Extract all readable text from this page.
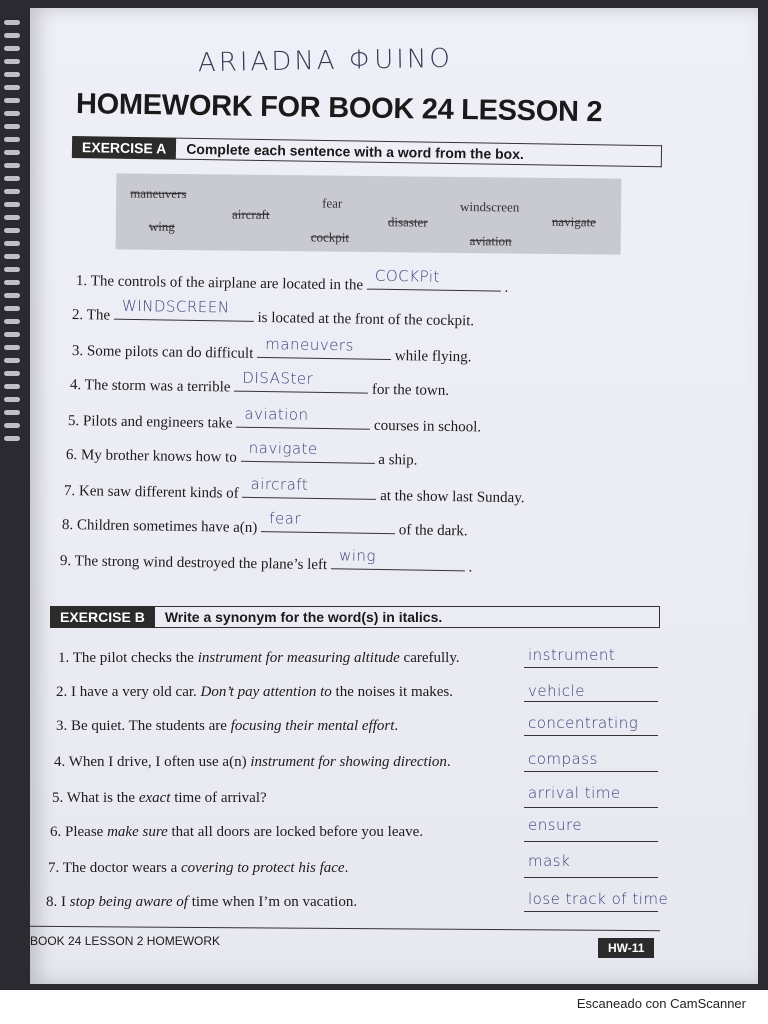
ARIADNA ΦUINO
HOMEWORK FOR BOOK 24 LESSON 2
EXERCISE A	Complete each sentence with a word from the box.
maneuvers
wing
aircraft
fear
cockpit
disaster
windscreen
aviation
navigate
1. The controls of the airplane are located in the COCKPit
.
2. The WINDSCREEN
is located at the front of the cockpit.
3. Some pilots can do difficult maneuvers
while flying.
4. The storm was a terrible DISASter
for the town.
5. Pilots and engineers take aviation
courses in school.
6. My brother knows how to navigate
a ship.
7. Ken saw different kinds of aircraft
at the show last Sunday.
8. Children sometimes have a(n) fear
of the dark.
9. The strong wind destroyed the plane’s left wing
.
EXERCISE B	Write a synonym for the word(s) in italics.
1. The pilot checks the instrument for measuring altitude carefully.	instrument
2. I have a very old car. Don’t pay attention to the noises it makes.	vehicle
3. Be quiet. The students are focusing their mental effort.	concentrating
4. When I drive, I often use a(n) instrument for showing direction.	compass
5. What is the exact time of arrival?	arrival time
6. Please make sure that all doors are locked before you leave.	ensure
7. The doctor wears a covering to protect his face.	mask
8. I stop being aware of time when I’m on vacation.	lose track of time
BOOK 24 LESSON 2 HOMEWORK	HW-11
Escaneado con CamScanner
